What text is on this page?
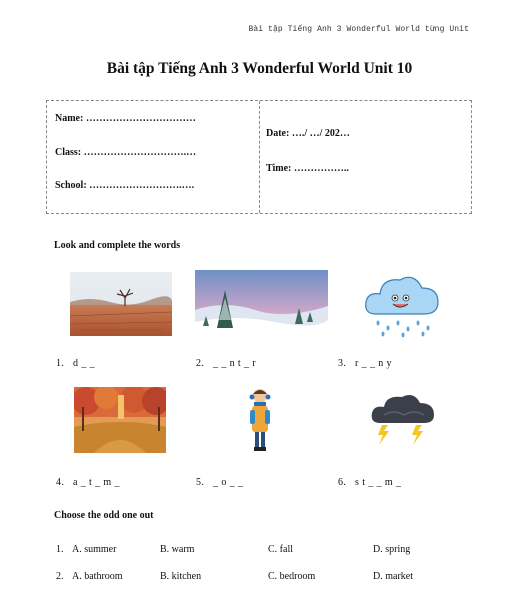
Bài tập Tiếng Anh 3 Wonderful World từng Unit
Bài tập Tiếng Anh 3 Wonderful World Unit 10
Name: ……………………………
Class: ………………………….…
School: ……………………….….
Date: …./ …/ 202…
Time: ……………..
Look and complete the words
1. d _ _	2. _ _ n t _ r	3. r _ _ n y
4. a _ t _ m _	5. _ o _ _	6. s t _ _ m _
Choose the odd one out
1. A. summer	B. warm	C. fall	D. spring
2. A. bathroom	B. kitchen	C. bedroom	D. market
